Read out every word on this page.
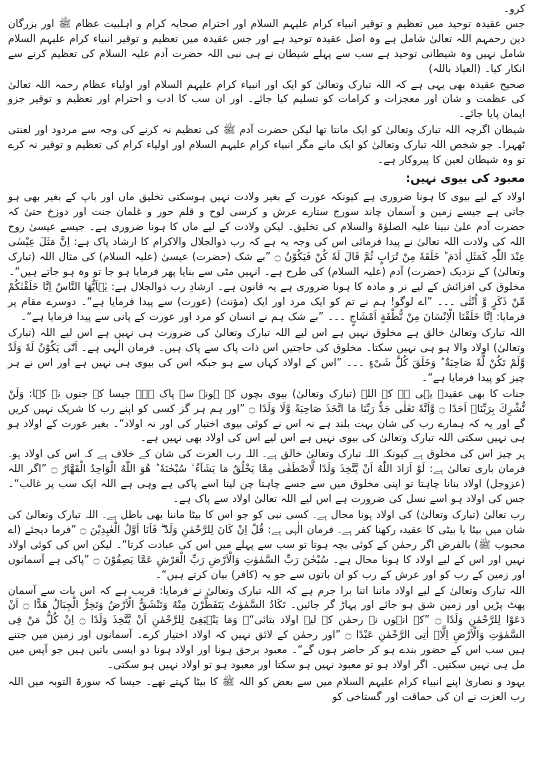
کرو۔

جس عقیدہ توحید میں تعظیم و توقیر انبیاء کرام علیہم السلام اور احترام صحابہ کرام و اہلبیت عظام ﷺ اور بزرگان دین رحمہم اللہ تعالیٰ شامل ہے وہ اصل عقیدہ توحید ہے اور جس عقیدہ میں تعظیم و توقیر انبیاء کرام علیہم السلام شامل نہیں وہ شیطانی توحید ہے سب سے پہلے شیطان نے ہی نبی اللہ حضرت آدم علیہ السلام کی تعظیم کرنے سے انکار کیا۔ (العیاذ باللہ)

صحیح عقیدہ بھی یہی ہے کہ اللہ تبارک وتعالیٰ کو ایک اور انبیاء کرام علیہم السلام اور اولیاء عظام رحمہ اللہ تعالیٰ کی عظمت و شان اور معجزات و کرامات کو تسلیم کیا جائے۔ اور ان سب کا ادب و احترام اور تعظیم و توقیر جزو ایمان پایا جائے۔

شیطان اگرچہ اللہ تبارک وتعالیٰ کو ایک مانتا تھا لیکن حضرت آدم ﷺ کی تعظیم نہ کرنے کی وجہ سے مردود اور لعنتی ٹھہرا۔ جو شخص اللہ تبارک وتعالیٰ کو ایک مانے مگر انبیاء کرام علیہم السلام اور اولیاء کرام کی تعظیم و توقیر نہ کرے تو وہ شیطان لعین کا پیروکار ہے۔

معبود کی بیوی نہیں:

اولاد کے لیے بیوی کا ہونا ضروری ہے کیونکہ عورت کے بغیر ولادت نہیں ہوسکتی تخلیق ماں اور باپ کے بغیر بھی ہو جاتی ہے جیسے زمین و آسمان چاند سورج ستارے عرش و کرسی لوح و قلم حور و غلمان جنت اور دوزخ حتیٰ کہ حضرت آدم علیٰ نبینا علیہ الصلوٰۃ والسلام کی تخلیق۔ لیکن ولادت کے لیے ماں کا ہونا ضروری ہے۔ جیسے عیسیٰ روح اللہ کی ولادت اللہ تعالیٰ نے پیدا فرمائی اس کی وجہ یہ ہے کہ رب ذوالجلال والاکرام کا ارشاد پاک ہے: اِنَّ مَثَلَ عِیْسٰی عِنْدَ اللّٰہِ كَمَثَلِ اٰدَمَ ؕ خَلَقَهٗ مِنْ تُرَابٍ ثُمَّ قَالَ لَهٗ كُنْ فَيَكُوْنُ ۝ ”بے شک (حضرت) عیسیٰ (علیہ السلام) کی مثال اللہ (تبارک وتعالیٰ) کے نزدیک (حضرت) آدم (علیہ السلام) کی طرح ہے۔ انہیں مٹی سے بنایا پھر فرمایا ہو جا تو وہ ہو جاتے ہیں“۔

مخلوق کی افزائش کے لیے نر و مادہ کا ہونا ضروری ہے یہ قانون ہے۔ ارشادِ رب ذوالجلال ہے: یٰۤاَیُّهَا النَّاسُ اِنَّا خَلَقْنٰكُمْ مِّنْ ذَكَرٍ وَّ اُنْثٰى ۔۔۔ ”اے لوگو! ہم نے تم کو ایک مرد اور ایک (مؤنث) (عورت) سے پیدا فرمایا ہے“۔ دوسرے مقام پر فرمایا: اِنَّا خَلَقْنَا الْاِنْسَانَ مِنْ نُّطْفَةٍ اَمْشَاجٍ ۔۔۔ ”بے شک ہم نے انسان کو مرد اور عورت کے پانی سے پیدا فرمایا ہے“۔

اللہ تبارک وتعالیٰ خالق ہے مخلوق نہیں ہے اس لیے اللہ تبارک وتعالیٰ کی ضرورت ہی نہیں ہے اس لیے اللہ (تبارک وتعالیٰ) اولاد والا ہو ہی نہیں سکتا۔ مخلوق کی حاجتیں اس ذات پاک سے پاک ہیں۔ فرمان الٰہی ہے۔ اَنّٰى يَكُوْنُ لَهٗ وَلَدٌ وَّلَمْ تَكُنْ لَّهٗ صَاحِبَةٌ ؕ وَخَلَقَ كُلَّ شَیْءٍ ۔۔۔ ”اس کے اولاد کہاں سے ہو جبکہ اس کی بیوی ہی نہیں ہے اور اس نے ہر چیز کو پیدا فرمایا ہے“۔

جنات کا بھی عقیدہ یہی ہے کہ اللہ (تبارک وتعالیٰ) بیوی بچوں کے ہونے سے پاک ہے۔ جیسا کہ جنوں نے کہا: وَلَنْ نُّشْرِكَ بِرَبِّنَاۤ اَحَدًا ۝ وَّاَنَّهٗ تَعٰلٰى جَدُّ رَبِّنَا مَا اتَّخَذَ صَاحِبَةً وَّلَا وَلَدًا ۝ ”اور ہم ہر گز کسی کو اپنے رب کا شریک نہیں کریں گے اور یہ کہ ہمارے رب کی شان بہت بلند ہے نہ اس نے کوئی بیوی اختیار کی اور نہ اولاد“۔ بغیر عورت کے اولاد ہو ہی نہیں سکتی اللہ تبارک وتعالیٰ کی بیوی نہیں ہے اس لیے اس کی اولاد بھی نہیں ہے۔

ہر چیز اس کی مخلوق ہے کیونکہ اللہ تبارک وتعالیٰ خالق ہے۔ اللہ رب العزت کی شان کے خلاف ہے کہ اس کی اولاد ہو۔ فرمان باری تعالیٰ ہے: لَوْ اَرَادَ اللّٰهُ اَنْ يَّتَّخِذَ وَلَدًا لَّاصْطَفٰى مِمَّا يَخْلُقُ مَا يَشَآءُ ۙ سُبْحٰنَهٗ ؕ هُوَ اللّٰهُ الْوَاحِدُ الْقَهَّارُ ۝ ”اگر اللہ (عزوجل) اولاد بنانا چاہتا تو اپنی مخلوق میں سے جسے چاہتا چن لیتا اسے پاکی ہے وہی ہے اللہ ایک سب پر غالب“۔ جس کی اولاد ہو اسے نسل کی ضرورت ہے اس لیے اللہ تعالیٰ اولاد سے پاک ہے۔

رب تعالیٰ (تبارک وتعالیٰ) کی اولاد ہونا محال ہے۔ کسی نبی کو جو اس کا بیٹا ماننا بھی باطل ہے۔ اللہ تبارک وتعالیٰ کی شان میں بیٹا یا بیٹی کا عقیدہ رکھنا کفر ہے۔ فرمان الٰہی ہے: قُلْ اِنْ كَانَ لِلرَّحْمٰنِ وَلَدٌ ۖۗ فَاَنَا اَوَّلُ الْعٰبِدِيْنَ ۝ ”فرما دیجئے (اے محبوب ﷺ) بالفرض اگر رحمٰن کے کوئی بچہ ہوتا تو سب سے پہلے میں اس کی عبادت کرتا“۔ لیکن اس کی کوئی اولاد نہیں اور اس کے لیے اولاد کا ہونا محال ہے۔ سُبْحٰنَ رَبِّ السَّمٰوٰتِ وَالْاَرْضِ رَبِّ الْعَرْشِ عَمَّا يَصِفُوْنَ ۝ ”پاکی ہے آسمانوں اور زمین کے رب کو اور عرش کے رب کو ان باتوں سے جو یہ (کافر) بیان کرتے ہیں“۔

اللہ تبارک وتعالیٰ کے لیے اولاد ماننا اتنا برا جرم ہے کہ اللہ تبارک وتعالیٰ نے فرمایا: قریب ہے کہ اس بات سے آسمان پھٹ پڑیں اور زمین شق ہو جائے اور پہاڑ گر جائیں۔ تَكَادُ السَّمٰوٰتُ يَتَفَطَّرْنَ مِنْهُ وَتَنْشَقُّ الْاَرْضُ وَتَخِرُّ الْجِبَالُ هَدًّا ۝ اَنْ دَعَوْا لِلرَّحْمٰنِ وَلَدًا ۝ ”کہ انہوں نے رحمٰن کے لیے اولاد بتائی“۔ وَمَا يَنْۢبَغِیْ لِلرَّحْمٰنِ اَنْ يَّتَّخِذَ وَلَدًا ۝ اِنْ كُلُّ مَنْ فِی السَّمٰوٰتِ وَالْاَرْضِ اِلَّاۤ اٰتِی الرَّحْمٰنِ عَبْدًا ۝ ”اور رحمٰن کے لائق نہیں کہ اولاد اختیار کرے۔ آسمانوں اور زمین میں جتنے ہیں سب اس کے حضور بندے ہو کر حاضر ہوں گے“۔ معبود برحق ہونا اور اولاد ہونا دو ایسی باتیں ہیں جو آپس میں مل ہی نہیں سکتیں۔ اگر اولاد ہو تو معبود نہیں ہو سکتا اور معبود ہو تو اولاد نہیں ہو سکتی۔

یہود و نصاریٰ اپنے انبیاء کرام علیہم السلام میں سے بعض کو اللہ ﷺ کا بیٹا کہتے تھے۔ جیسا کہ سورۃ التوبہ میں اللہ رب العزت نے ان کی حماقت اور گستاخی کو
